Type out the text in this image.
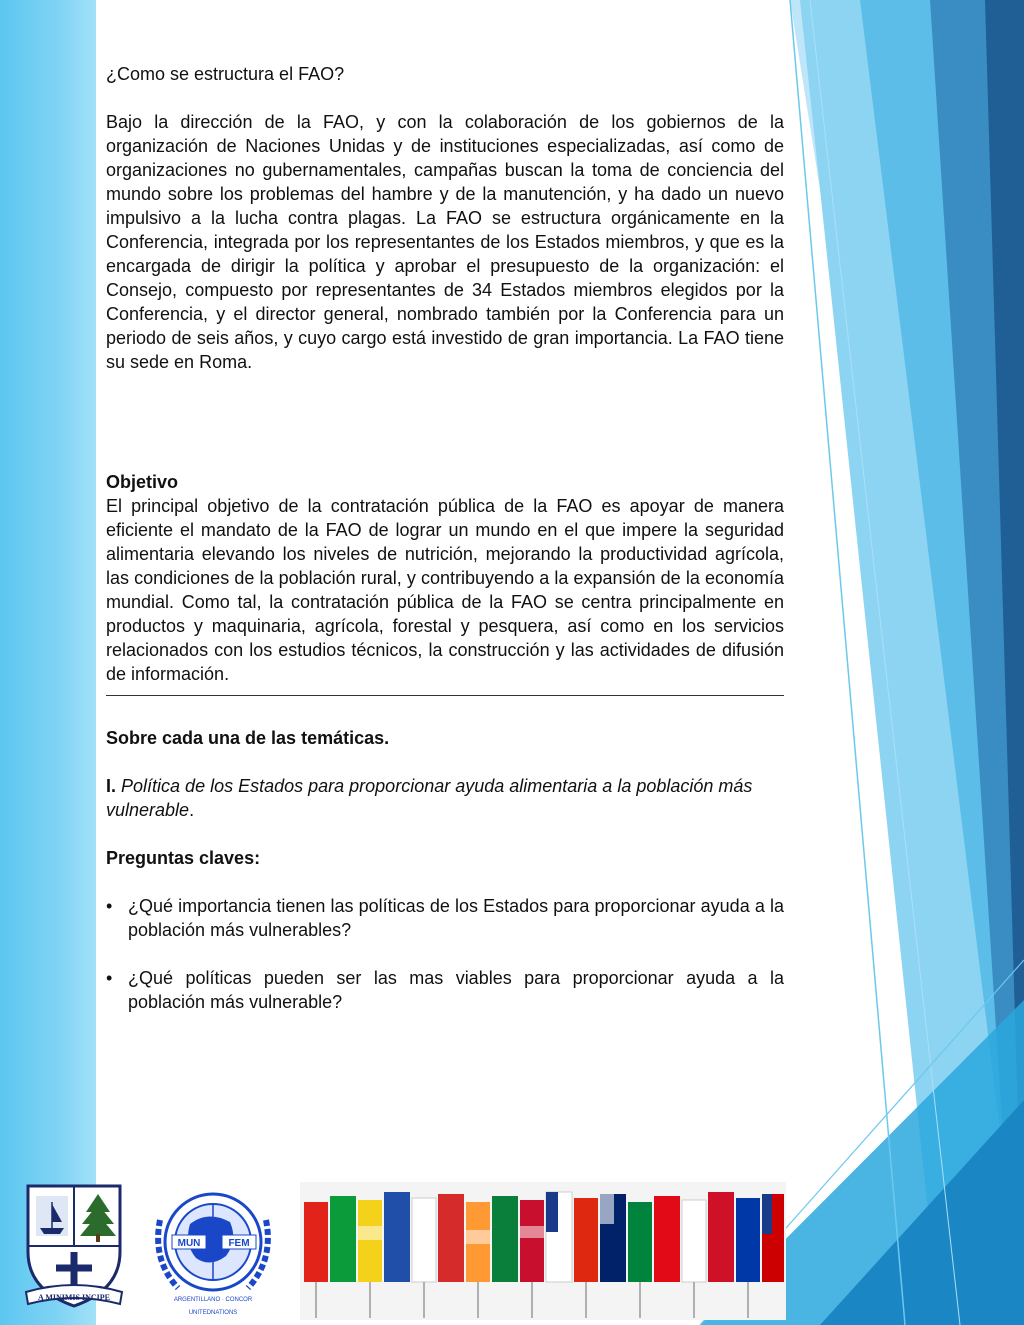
¿Como se estructura el FAO?

Bajo la dirección de la FAO, y con la colaboración de los gobiernos de la organización de Naciones Unidas y de instituciones especializadas, así como de organizaciones no gubernamentales, campañas buscan la toma de conciencia del mundo sobre los problemas del hambre y de la manutención, y ha dado un nuevo impulsivo a la lucha contra plagas. La FAO se estructura orgánicamente en la Conferencia, integrada por los representantes de los Estados miembros, y que es la encargada de dirigir la política y aprobar el presupuesto de la organización: el Consejo, compuesto por representantes de 34 Estados miembros elegidos por la Conferencia, y el director general, nombrado también por la Conferencia para un periodo de seis años, y cuyo cargo está investido de gran importancia. La FAO tiene su sede en Roma.

Objetivo

El principal objetivo de la contratación pública de la FAO es apoyar de manera eficiente el mandato de la FAO de lograr un mundo en el que impere la seguridad alimentaria elevando los niveles de nutrición, mejorando la productividad agrícola, las condiciones de la población rural, y contribuyendo a la expansión de la economía mundial. Como tal, la contratación pública de la FAO se centra principalmente en productos y maquinaria, agrícola, forestal y pesquera, así como en los servicios relacionados con los estudios técnicos, la construcción y las actividades de difusión de información.

Sobre cada una de las temáticas.

I. Política de los Estados para proporcionar ayuda alimentaria a la población más vulnerable.

Preguntas claves:

• ¿Qué importancia tienen las políticas de los Estados para proporcionar ayuda a la población más vulnerables?
• ¿Qué políticas pueden ser las mas viables para proporcionar ayuda a la población más vulnerable?
A MINIMIS INCIPE
MUN	FEM
ARGENTILLANO · CONCOR
UNITEDNATIONS
